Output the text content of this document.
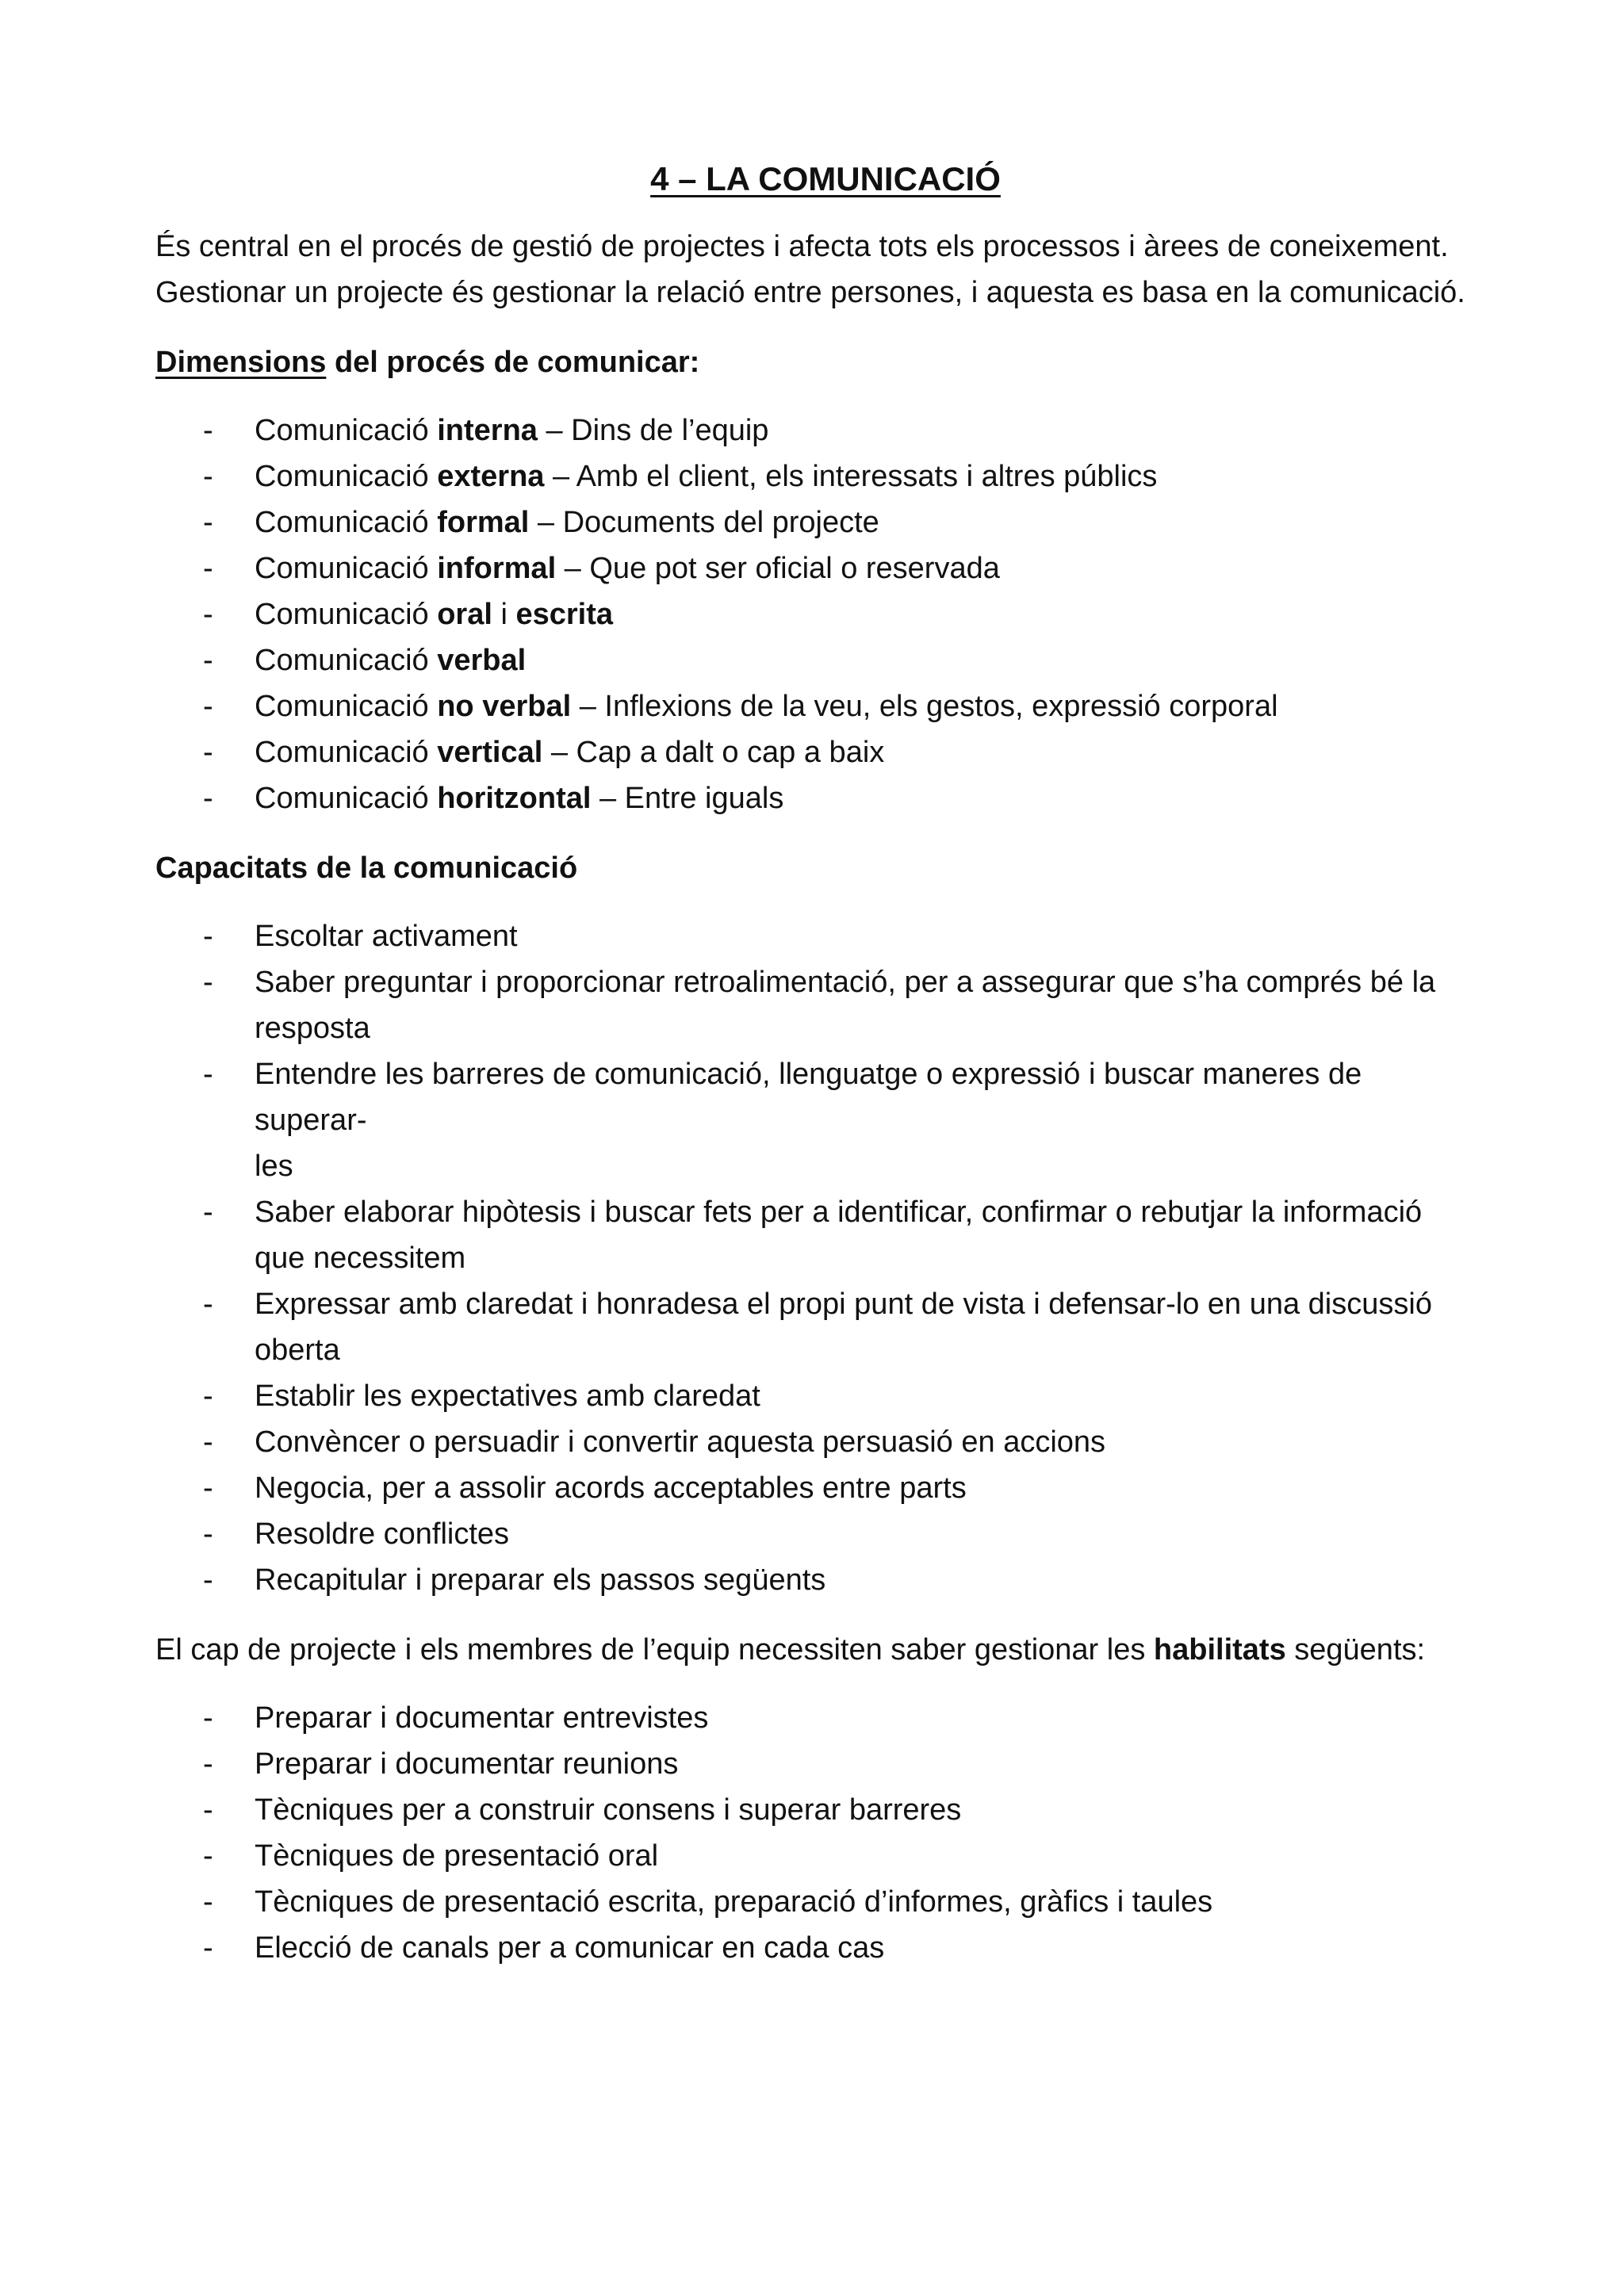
4 – LA COMUNICACIÓ

És central en el procés de gestió de projectes i afecta tots els processos i àrees de coneixement.

Gestionar un projecte és gestionar la relació entre persones, i aquesta es basa en la comunicació.

Dimensions del procés de comunicar:
- Comunicació interna – Dins de l’equip
- Comunicació externa – Amb el client, els interessats i altres públics
- Comunicació formal – Documents del projecte
- Comunicació informal – Que pot ser oficial o reservada
- Comunicació oral i escrita
- Comunicació verbal
- Comunicació no verbal – Inflexions de la veu, els gestos, expressió corporal
- Comunicació vertical – Cap a dalt o cap a baix
- Comunicació horitzontal – Entre iguals
Capacitats de la comunicació
- Escoltar activament
- Saber preguntar i proporcionar retroalimentació, per a assegurar que s’ha comprés bé la
resposta
- Entendre les barreres de comunicació, llenguatge o expressió i buscar maneres de superar-
les
- Saber elaborar hipòtesis i buscar fets per a identificar, confirmar o rebutjar la informació
que necessitem
- Expressar amb claredat i honradesa el propi punt de vista i defensar-lo en una discussió
oberta
- Establir les expectatives amb claredat
- Convèncer o persuadir i convertir aquesta persuasió en accions
- Negocia, per a assolir acords acceptables entre parts
- Resoldre conflictes
- Recapitular i preparar els passos següents
El cap de projecte i els membres de l’equip necessiten saber gestionar les habilitats següents:
- Preparar i documentar entrevistes
- Preparar i documentar reunions
- Tècniques per a construir consens i superar barreres
- Tècniques de presentació oral
- Tècniques de presentació escrita, preparació d’informes, gràfics i taules
- Elecció de canals per a comunicar en cada cas
